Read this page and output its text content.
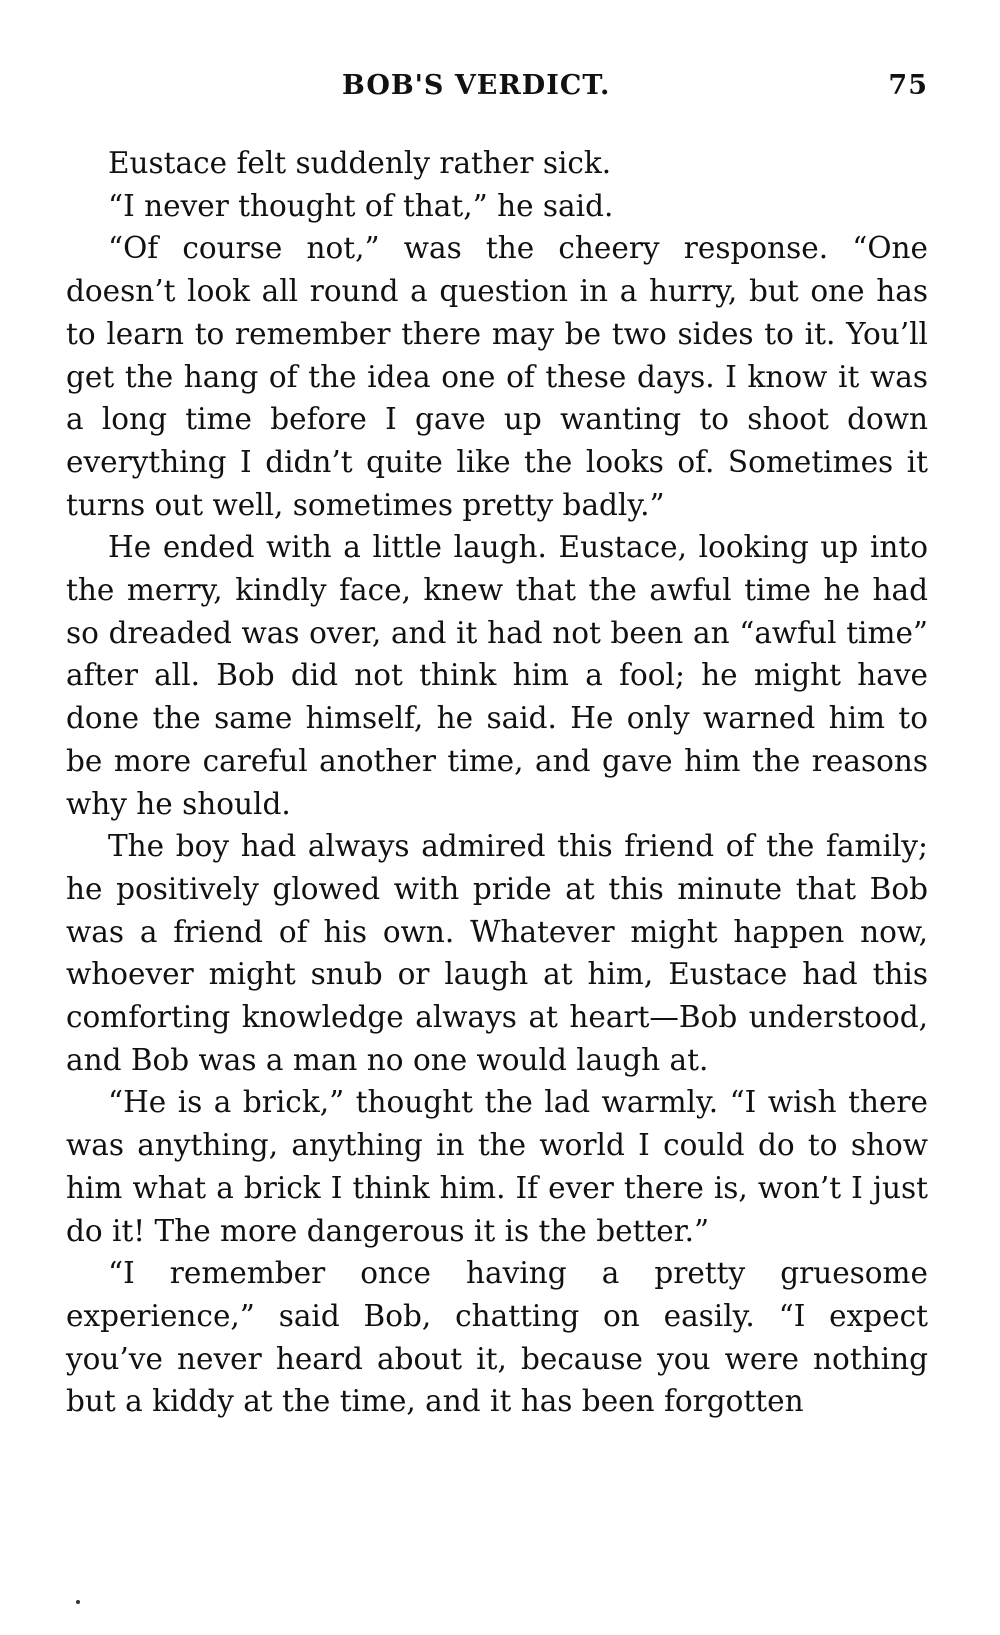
BOB'S VERDICT.	75

Eustace felt suddenly rather sick.

“I never thought of that,” he said.

“Of course not,” was the cheery response. “One doesn’t look all round a question in a hurry, but one has to learn to remember there may be two sides to it. You’ll get the hang of the idea one of these days. I know it was a long time before I gave up wanting to shoot down everything I didn’t quite like the looks of. Sometimes it turns out well, sometimes pretty badly.”

He ended with a little laugh. Eustace, looking up into the merry, kindly face, knew that the awful time he had so dreaded was over, and it had not been an “awful time” after all. Bob did not think him a fool; he might have done the same himself, he said. He only warned him to be more careful another time, and gave him the reasons why he should.

The boy had always admired this friend of the family; he positively glowed with pride at this minute that Bob was a friend of his own. Whatever might happen now, whoever might snub or laugh at him, Eustace had this comforting knowledge always at heart—Bob understood, and Bob was a man no one would laugh at.

“He is a brick,” thought the lad warmly. “I wish there was anything, anything in the world I could do to show him what a brick I think him. If ever there is, won’t I just do it! The more dangerous it is the better.”

“I remember once having a pretty gruesome experience,” said Bob, chatting on easily. “I expect you’ve never heard about it, because you were nothing but a kiddy at the time, and it has been forgotten
